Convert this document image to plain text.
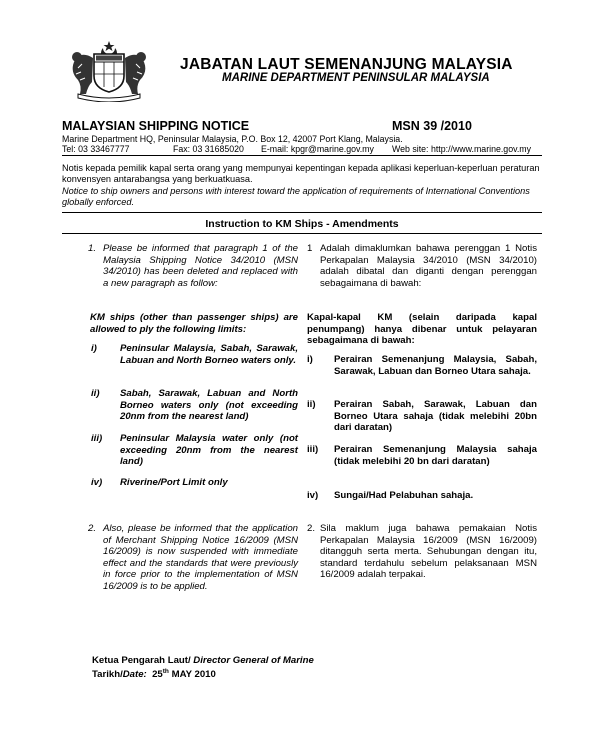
JABATAN LAUT SEMENANJUNG MALAYSIA
MARINE DEPARTMENT PENINSULAR MALAYSIA
MALAYSIAN SHIPPING NOTICE	MSN 39 /2010
Marine Department HQ, Peninsular Malaysia, P.O. Box 12, 42007 Port Klang, Malaysia.
Tel: 03 33467777	Fax: 03 31685020 E-mail: kpgr@marine.gov.my Web site: http://www.marine.gov.my
Notis kepada pemilik kapal serta orang yang mempunyai kepentingan kepada aplikasi keperluan-keperluan peraturan konvensyen antarabangsa yang berkuatkuasa.
Notice to ship owners and persons with interest toward the application of requirements of International Conventions globally enforced.
Instruction to KM Ships - Amendments
1. Please be informed that paragraph 1 of the Malaysia Shipping Notice 34/2010 (MSN 34/2010) has been deleted and replaced with a new paragraph as follow:
1 Adalah dimaklumkan bahawa perenggan 1 Notis Perkapalan Malaysia 34/2010 (MSN 34/2010) adalah dibatal dan diganti dengan perenggan sebagaimana di bawah:
KM ships (other than passenger ships) are allowed to ply the following limits:
Kapal-kapal KM (selain daripada kapal penumpang) hanya dibenar untuk pelayaran sebagaimana di bawah:
i) Peninsular Malaysia, Sabah, Sarawak, Labuan and North Borneo waters only. i) Perairan Semenanjung Malaysia, Sabah, Sarawak, Labuan dan Borneo Utara sahaja.
ii) Sabah, Sarawak, Labuan and North Borneo waters only (not exceeding 20nm from the nearest land)
ii) Perairan Sabah, Sarawak, Labuan dan Borneo Utara sahaja (tidak melebihi 20bn dari daratan)
iii) Peninsular Malaysia water only (not exceeding 20nm from the nearest land)
iii) Perairan Semenanjung Malaysia sahaja (tidak melebihi 20 bn dari daratan)
iv) Riverine/Port Limit only
iv) Sungai/Had Pelabuhan sahaja.
2. Also, please be informed that the application of Merchant Shipping Notice 16/2009 (MSN 16/2009) is now suspended with immediate effect and the standards that were previously in force prior to the implementation of MSN 16/2009 is to be applied.
2. Sila maklum juga bahawa pemakaian Notis Perkapalan Malaysia 16/2009 (MSN 16/2009) ditangguh serta merta. Sehubungan dengan itu, standard terdahulu sebelum pelaksanaan MSN 16/2009 adalah terpakai.
Ketua Pengarah Laut/ Director General of Marine
Tarikh/Date: 25th MAY 2010
